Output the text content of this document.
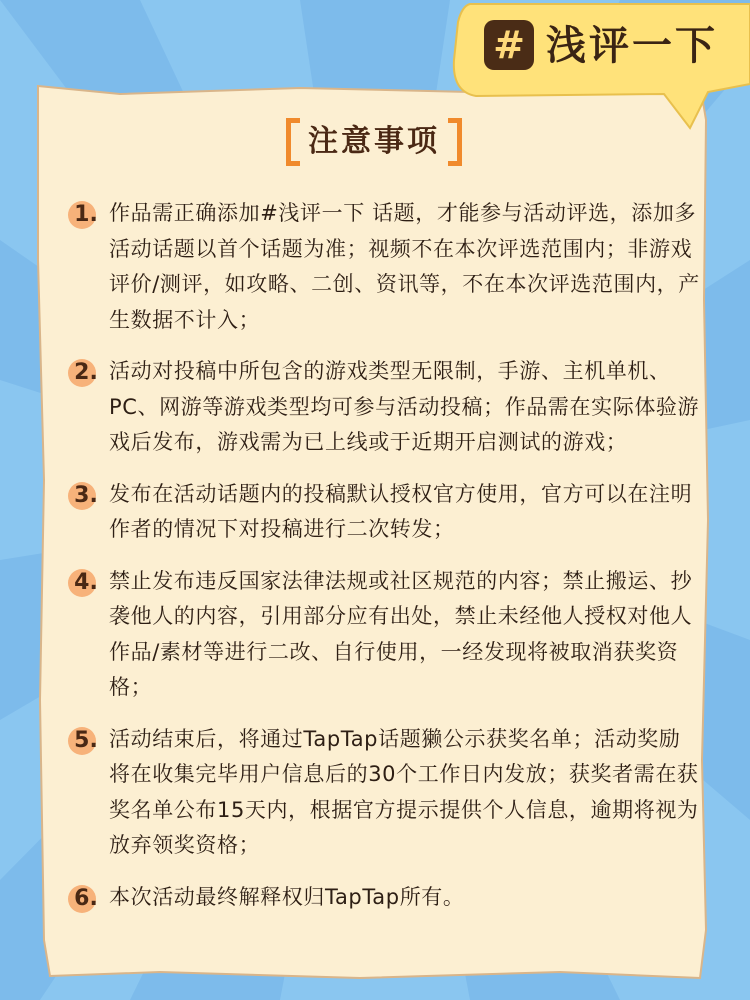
# 浅评一下
注意事项
1. 作品需正确添加#浅评一下 话题，才能参与活动评选，添加多活动话题以首个话题为准；视频不在本次评选范围内；非游戏评价/测评，如攻略、二创、资讯等，不在本次评选范围内，产生数据不计入；
2. 活动对投稿中所包含的游戏类型无限制，手游、主机单机、PC、网游等游戏类型均可参与活动投稿；作品需在实际体验游戏后发布，游戏需为已上线或于近期开启测试的游戏；
3. 发布在活动话题内的投稿默认授权官方使用，官方可以在注明作者的情况下对投稿进行二次转发；
4. 禁止发布违反国家法律法规或社区规范的内容；禁止搬运、抄袭他人的内容，引用部分应有出处，禁止未经他人授权对他人作品/素材等进行二改、自行使用，一经发现将被取消获奖资格；
5. 活动结束后，将通过TapTap话题獭公示获奖名单；活动奖励将在收集完毕用户信息后的30个工作日内发放；获奖者需在获奖名单公布15天内，根据官方提示提供个人信息，逾期将视为放弃领奖资格；
6. 本次活动最终解释权归TapTap所有。
